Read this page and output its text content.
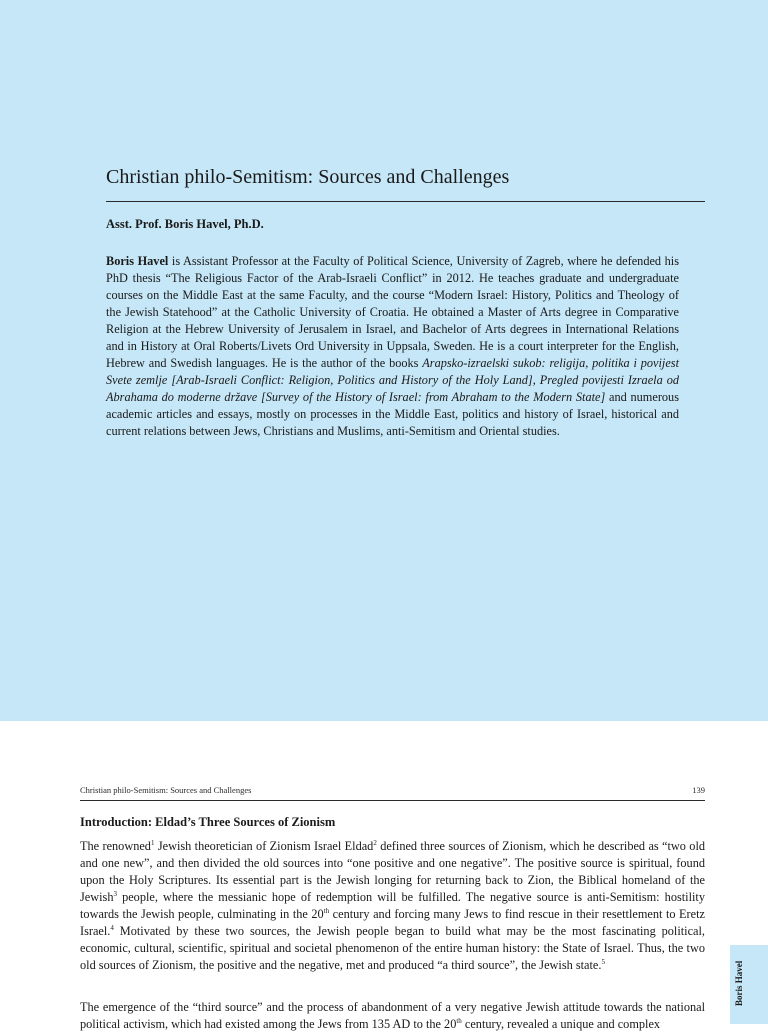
Christian philo-Semitism: Sources and Challenges
Asst. Prof. Boris Havel, Ph.D.

Boris Havel is Assistant Professor at the Faculty of Political Science, University of Zagreb, where he defended his PhD thesis “The Religious Factor of the Arab-Israeli Conflict” in 2012. He teaches graduate and undergraduate courses on the Middle East at the same Faculty, and the course “Modern Israel: History, Politics and Theology of the Jewish Statehood” at the Catholic University of Croatia. He obtained a Master of Arts degree in Comparative Religion at the Hebrew University of Jerusalem in Israel, and Bachelor of Arts degrees in International Relations and in History at Oral Roberts/Livets Ord University in Uppsala, Sweden. He is a court interpreter for the English, Hebrew and Swedish languages. He is the author of the books Arapsko-izraelski sukob: religija, politika i povijest Svete zemlje [Arab-Israeli Conflict: Religion, Politics and History of the Holy Land], Pregled povijesti Izraela od Abrahama do moderne države [Survey of the History of Israel: from Abraham to the Modern State] and numerous academic articles and essays, mostly on processes in the Middle East, politics and history of Israel, historical and current relations between Jews, Christians and Muslims, anti-Semitism and Oriental studies.

Christian philo-Semitism: Sources and Challenges	139
Introduction: Eldad’s Three Sources of Zionism

The renowned$^1$ Jewish theoretician of Zionism Israel Eldad$^2$ defined three sources of Zionism, which he described as “two old and one new”, and then divided the old sources into “one positive and one negative”. The positive source is spiritual, found upon the Holy Scriptures. Its essential part is the Jewish longing for returning back to Zion, the Biblical homeland of the Jewish$^3$ people, where the messianic hope of redemption will be fulfilled. The negative source is anti-Semitism: hostility towards the Jewish people, culminating in the 20th century and forcing many Jews to find rescue in their resettlement to Eretz Israel.$^4$ Motivated by these two sources, the Jewish people began to build what may be the most fascinating political, economic, cultural, scientific, spiritual and societal phenomenon of the entire human history: the State of Israel. Thus, the two old sources of Zionism, the positive and the negative, met and produced “a third source”, the Jewish state.$^5$

The emergence of the “third source” and the process of abandonment of a very negative Jewish attitude towards the national political activism, which had existed among the Jews from 135 AD to the 20th century, revealed a unique and complex

Boris Havel
